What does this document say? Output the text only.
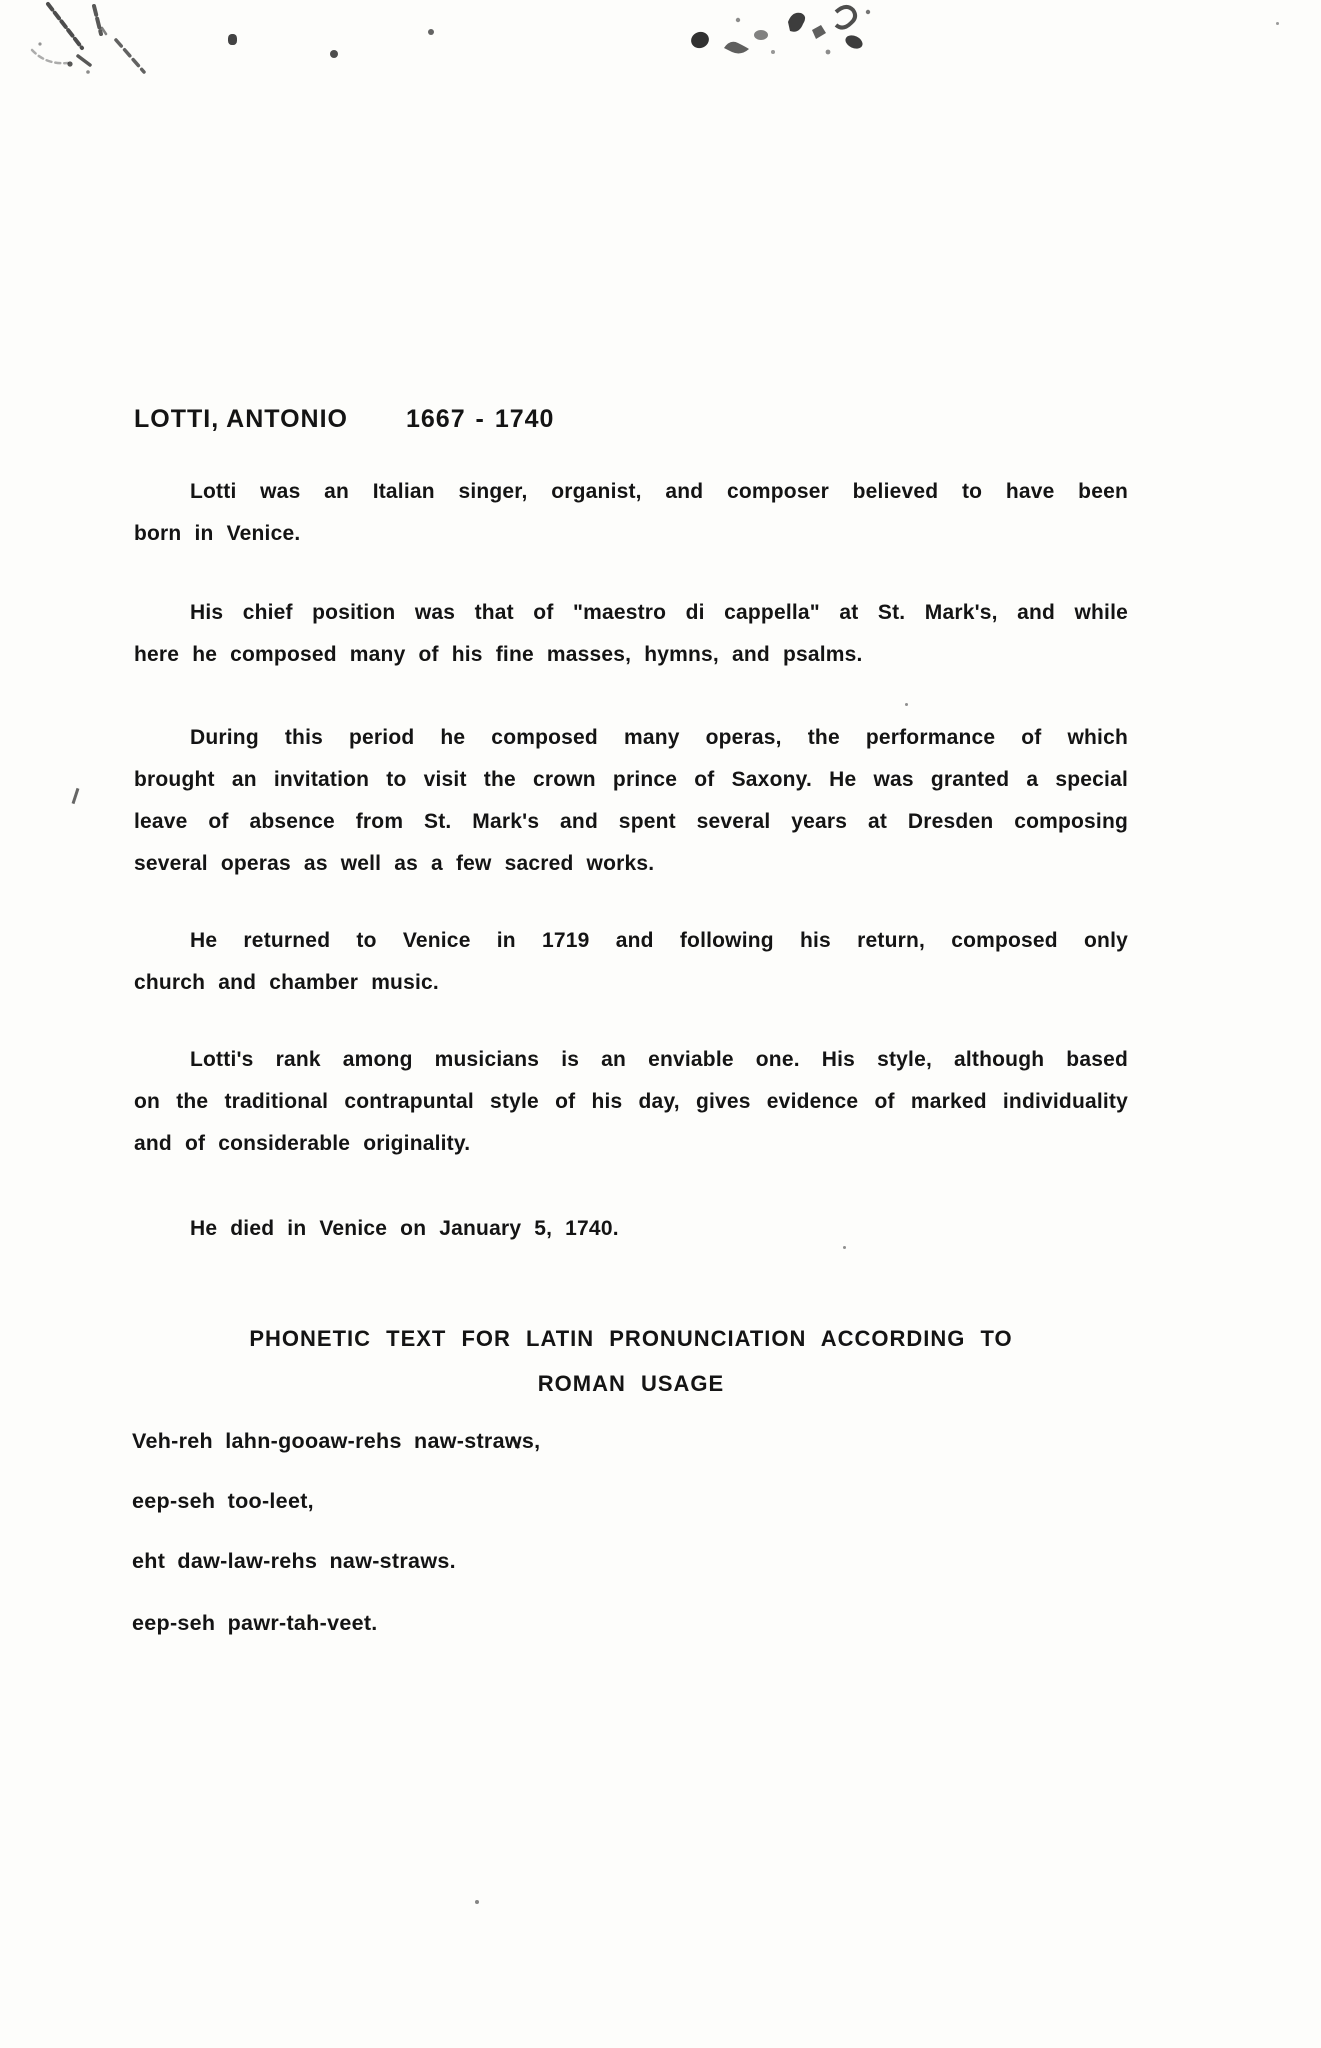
LOTTI, ANTONIO 1667 - 1740
Lotti was an Italian singer, organist, and composer believed to have been
born in Venice.
His chief position was that of "maestro di cappella" at St. Mark's, and while
here he composed many of his fine masses, hymns, and psalms.
During this period he composed many operas, the performance of which
brought an invitation to visit the crown prince of Saxony. He was granted a special
leave of absence from St. Mark's and spent several years at Dresden composing
several operas as well as a few sacred works.
He returned to Venice in 1719 and following his return, composed only
church and chamber music.
Lotti's rank among musicians is an enviable one. His style, although based
on the traditional contrapuntal style of his day, gives evidence of marked individuality
and of considerable originality.
He died in Venice on January 5, 1740.
PHONETIC TEXT FOR LATIN PRONUNCIATION ACCORDING TO
ROMAN USAGE
Veh-reh lahn-gooaw-rehs naw-straws,
eep-seh too-leet,
eht daw-law-rehs naw-straws.
eep-seh pawr-tah-veet.
